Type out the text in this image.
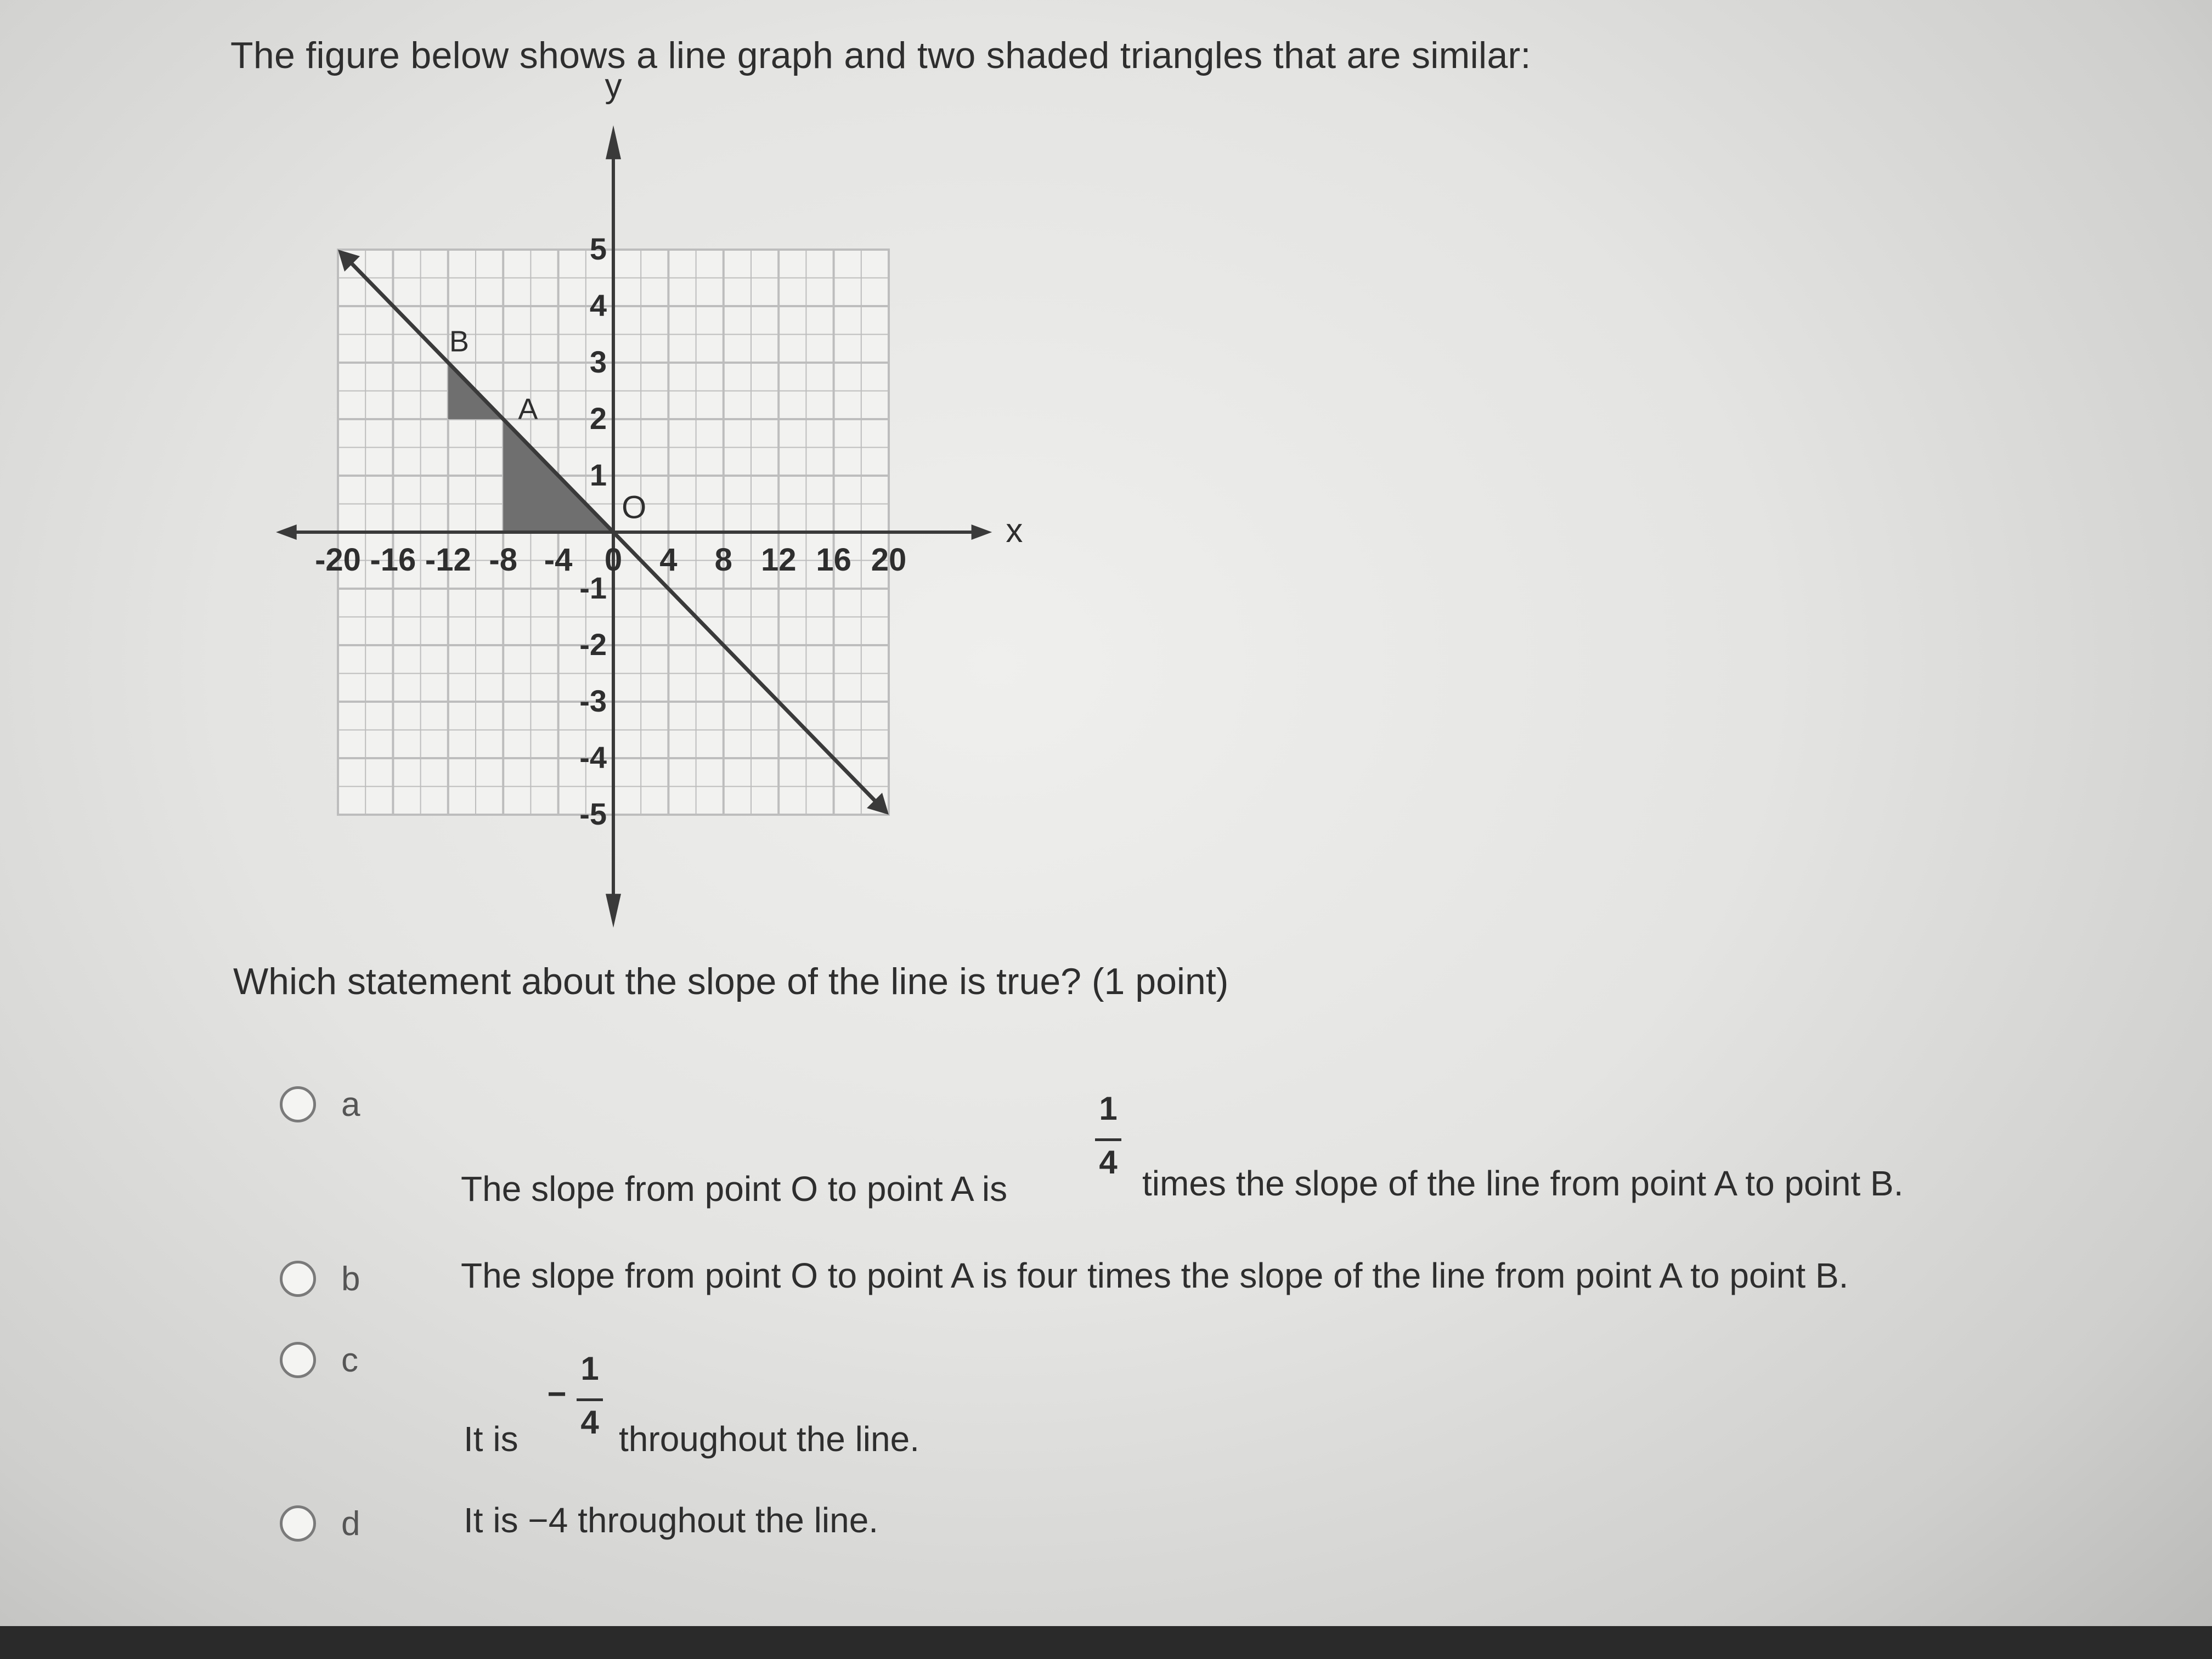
The figure below shows a line graph and two shaded triangles that are similar:
-20 -16 -12 -8 -4 0 4 8 12 16 20
5
4
3
2
1
-1
-2
-3
-4
-5
x
y
B
A
O
Which statement about the slope of the line is true? (1 point)
a
The slope from point O to point A is
1
4
times the slope of the line from point A to point B.
b	The slope from point O to point A is four times the slope of the line from point A to point B.
c
It is
−
1
4 throughout the line.
d	It is −4 throughout the line.
